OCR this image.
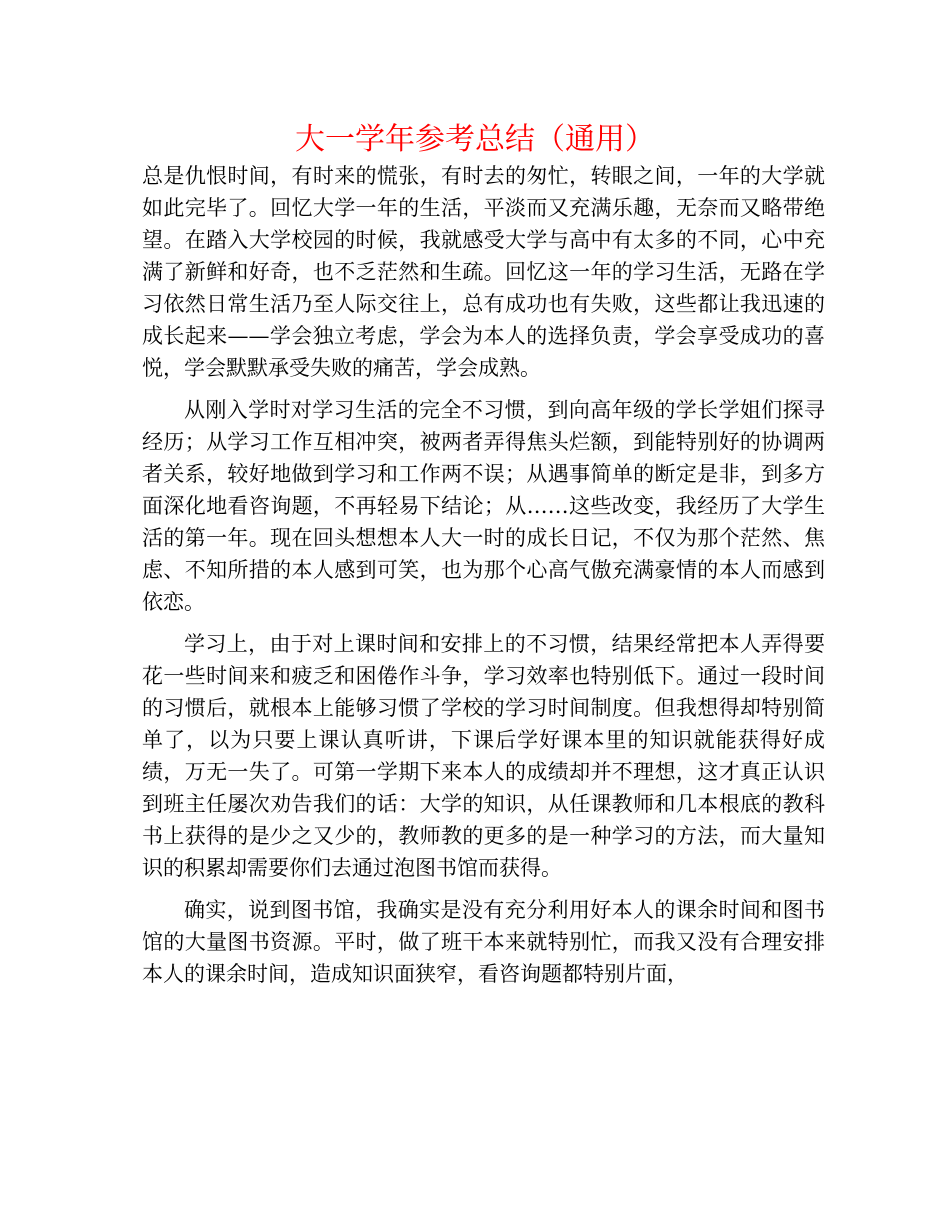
大一学年参考总结（通用）

总是仇恨时间，有时来的慌张，有时去的匆忙，转眼之间，一年的大学就如此完毕了。回忆大学一年的生活，平淡而又充满乐趣，无奈而又略带绝望。在踏入大学校园的时候，我就感受大学与高中有太多的不同，心中充满了新鲜和好奇，也不乏茫然和生疏。回忆这一年的学习生活，无路在学习依然日常生活乃至人际交往上，总有成功也有失败，这些都让我迅速的成长起来——学会独立考虑，学会为本人的选择负责，学会享受成功的喜悦，学会默默承受失败的痛苦，学会成熟。

从刚入学时对学习生活的完全不习惯，到向高年级的学长学姐们探寻经历；从学习工作互相冲突，被两者弄得焦头烂额，到能特别好的协调两者关系，较好地做到学习和工作两不误；从遇事简单的断定是非，到多方面深化地看咨询题，不再轻易下结论；从……这些改变，我经历了大学生活的第一年。现在回头想想本人大一时的成长日记，不仅为那个茫然、焦虑、不知所措的本人感到可笑，也为那个心高气傲充满豪情的本人而感到依恋。

学习上，由于对上课时间和安排上的不习惯，结果经常把本人弄得要花一些时间来和疲乏和困倦作斗争，学习效率也特别低下。通过一段时间的习惯后，就根本上能够习惯了学校的学习时间制度。但我想得却特别简单了，以为只要上课认真听讲，下课后学好课本里的知识就能获得好成绩，万无一失了。可第一学期下来本人的成绩却并不理想，这才真正认识到班主任屡次劝告我们的话：大学的知识，从任课教师和几本根底的教科书上获得的是少之又少的，教师教的更多的是一种学习的方法，而大量知识的积累却需要你们去通过泡图书馆而获得。

确实，说到图书馆，我确实是没有充分利用好本人的课余时间和图书馆的大量图书资源。平时，做了班干本来就特别忙，而我又没有合理安排本人的课余时间，造成知识面狭窄，看咨询题都特别片面，
